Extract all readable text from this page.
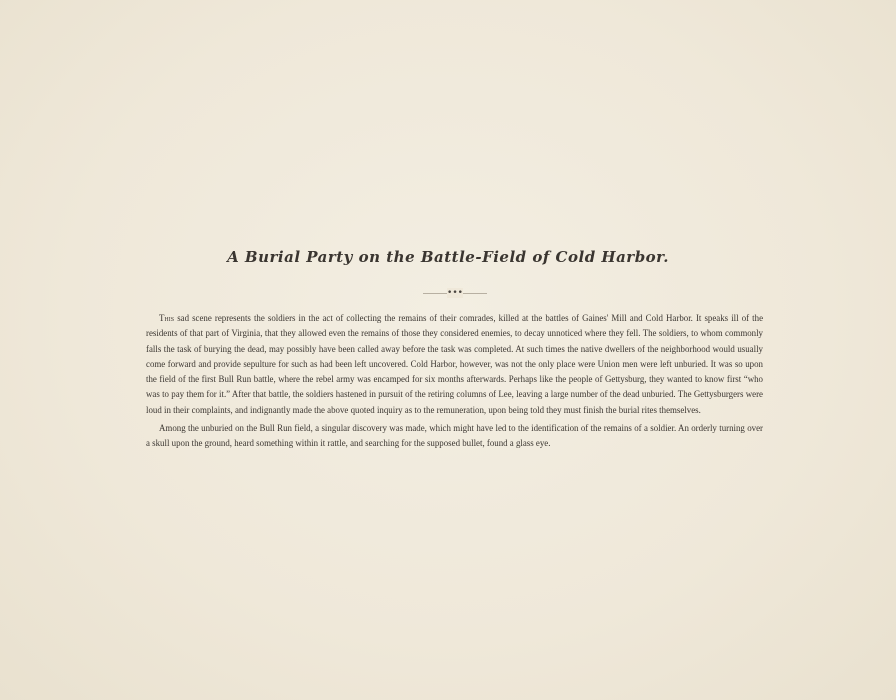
A Burial Party on the Battle-Field of Cold Harbor.
•••

This sad scene represents the soldiers in the act of collecting the remains of their comrades, killed at the battles of Gaines' Mill and Cold Harbor. It speaks ill of the residents of that part of Virginia, that they allowed even the remains of those they considered enemies, to decay unnoticed where they fell. The soldiers, to whom commonly falls the task of burying the dead, may possibly have been called away before the task was completed. At such times the native dwellers of the neighborhood would usually come forward and provide sepulture for such as had been left uncovered. Cold Harbor, however, was not the only place were Union men were left unburied. It was so upon the field of the first Bull Run battle, where the rebel army was encamped for six months afterwards. Perhaps like the people of Gettysburg, they wanted to know first “who was to pay them for it.” After that battle, the soldiers hastened in pursuit of the retiring columns of Lee, leaving a large number of the dead unburied. The Gettysburgers were loud in their complaints, and indignantly made the above quoted inquiry as to the remuneration, upon being told they must finish the burial rites themselves.

Among the unburied on the Bull Run field, a singular discovery was made, which might have led to the identification of the remains of a soldier. An orderly turning over a skull upon the ground, heard something within it rattle, and searching for the supposed bullet, found a glass eye.
